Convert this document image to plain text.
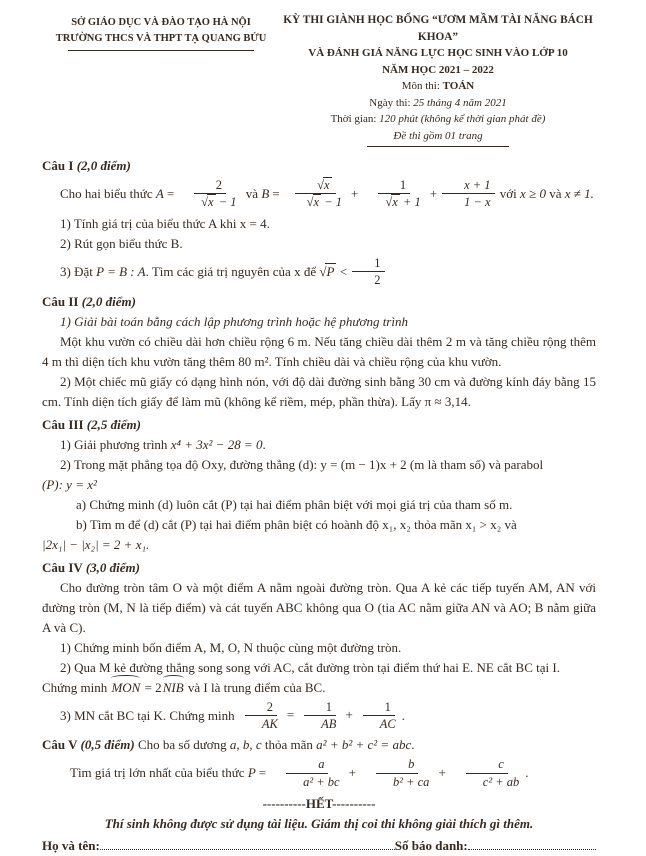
SỞ GIÁO DỤC VÀ ĐÀO TẠO HÀ NỘI
TRƯỜNG THCS VÀ THPT TẠ QUANG BỬU
KỲ THI GIÀNH HỌC BỔNG “ƯƠM MẦM TÀI NĂNG BÁCH KHOA”
VÀ ĐÁNH GIÁ NĂNG LỰC HỌC SINH VÀO LỚP 10
NĂM HỌC 2021 – 2022
Môn thi: TOÁN
Ngày thi: 25 tháng 4 năm 2021
Thời gian: 120 phút (không kể thời gian phát đề)
Đề thi gồm 01 trang
Câu I (2,0 điểm)
Cho hai biểu thức $A = \frac{2}{√x - 1}$ và $B = \frac{√x}{√x - 1} + \frac{1}{√x + 1} + \frac{x + 1}{1 - x}$ với x ≥ 0 và x ≠ 1.
1) Tính giá trị của biểu thức A khi x = 4.
2) Rút gọn biểu thức B.
3) Đặt P = B : A. Tìm các giá trị nguyên của x để $√P < \frac{1}{2}$
Câu II (2,0 điểm)
1) Giải bài toán bằng cách lập phương trình hoặc hệ phương trình
Một khu vườn có chiều dài hơn chiều rộng 6 m. Nếu tăng chiều dài thêm 2 m và tăng chiều rộng thêm 4 m thì diện tích khu vườn tăng thêm 80 m². Tính chiều dài và chiều rộng của khu vườn.
2) Một chiếc mũ giấy có dạng hình nón, với độ dài đường sinh bằng 30 cm và đường kính đáy bằng 15 cm. Tính diện tích giấy để làm mũ (không kể riềm, mép, phần thừa). Lấy π ≈ 3,14.
Câu III (2,5 điểm)
1) Giải phương trình x⁴ + 3x² − 28 = 0.
2) Trong mặt phẳng tọa độ Oxy, đường thẳng (d): y = (m − 1)x + 2 (m là tham số) và parabol
(P): y = x²
a) Chứng minh (d) luôn cắt (P) tại hai điểm phân biệt với mọi giá trị của tham số m.
b) Tìm m để (d) cắt (P) tại hai điểm phân biệt có hoành độ x₁, x₂ thỏa mãn x₁ > x₂ và
|2x₁| − |x₂| = 2 + x₁.
Câu IV (3,0 điểm)
Cho đường tròn tâm O và một điểm A nằm ngoài đường tròn. Qua A kẻ các tiếp tuyến AM, AN với đường tròn (M, N là tiếp điểm) và cát tuyến ABC không qua O (tia AC nằm giữa AN và AO; B nằm giữa A và C).
1) Chứng minh bốn điểm A, M, O, N thuộc cùng một đường tròn.
2) Qua M kẻ đường thẳng song song với AC, cắt đường tròn tại điểm thứ hai E. NE cắt BC tại I.
Chứng minh MON = 2NIB và I là trung điểm của BC.
3) MN cắt BC tại K. Chứng minh $\frac{2}{AK} = \frac{1}{AB} + \frac{1}{AC}$ .
Câu V (0,5 điểm) Cho ba số dương a, b, c thỏa mãn a² + b² + c² = abc.
Tìm giá trị lớn nhất của biểu thức $P = \frac{a}{\text{a² + bc}} + \frac{b}{\text{b² + ca}} + \frac{c}{\text{c² + ab}}$ .
----------HẾT----------
Thí sinh không được sử dụng tài liệu. Giám thị coi thi không giải thích gì thêm.
Họ và tên:	Số báo danh:
